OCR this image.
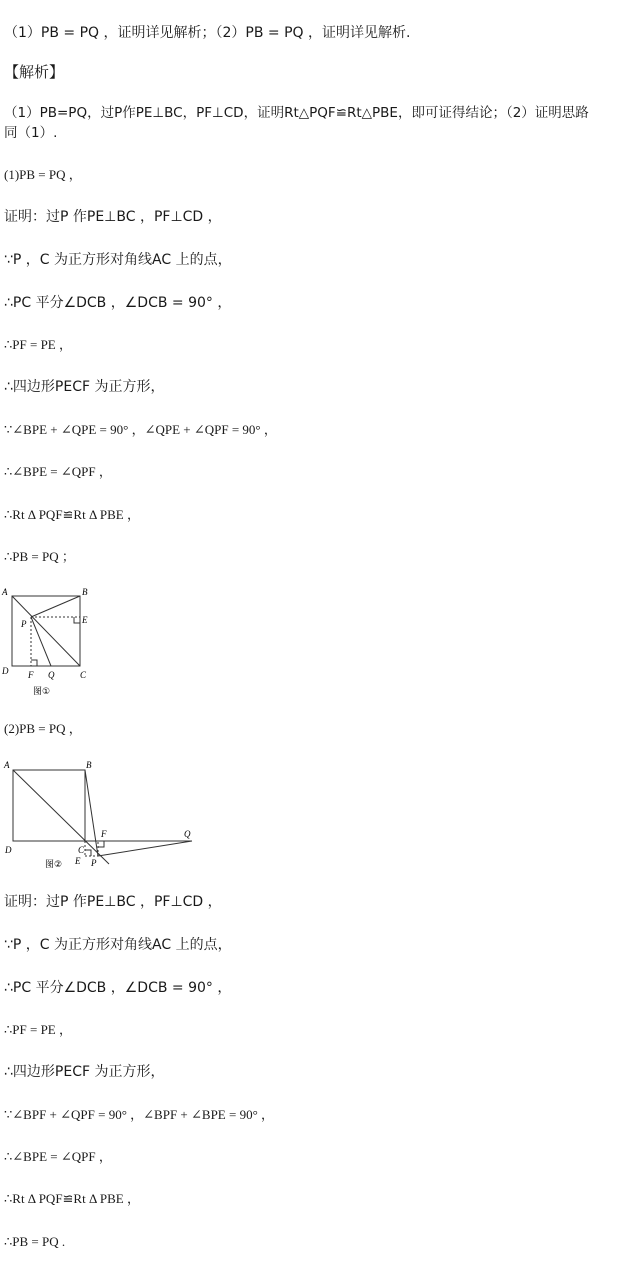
（1）PB = PQ ，证明详见解析；（2）PB = PQ ，证明详见解析.
【解析】
（1）PB=PQ，过P作PE⊥BC，PF⊥CD，证明Rt△PQF≌Rt△PBE，即可证得结论；（2）证明思路
同（1）.
(1)PB = PQ ，
证明：过P 作PE⊥BC ，PF⊥CD ，
∵P ，C 为正方形对角线AC 上的点，
∴PC 平分∠DCB ，∠DCB = 90° ，
∴PF = PE ，
∴四边形PECF 为正方形，
∵∠BPE + ∠QPE = 90° ，∠QPE + ∠QPF = 90° ，
∴∠BPE = ∠QPF ，
∴Rt Δ PQF≌Rt Δ PBE ，
∴PB = PQ ；
A	B
D	C
P	E
F Q
图①
(2)PB = PQ ，
A	B
D	C
F	Q
E P
图②
证明：过P 作PE⊥BC ，PF⊥CD ，
∵P ，C 为正方形对角线AC 上的点，
∴PC 平分∠DCB ，∠DCB = 90° ，
∴PF = PE ，
∴四边形PECF 为正方形，
∵∠BPF + ∠QPF = 90° ，∠BPF + ∠BPE = 90° ，
∴∠BPE = ∠QPF ，
∴Rt Δ PQF≌Rt Δ PBE ，
∴PB = PQ .
